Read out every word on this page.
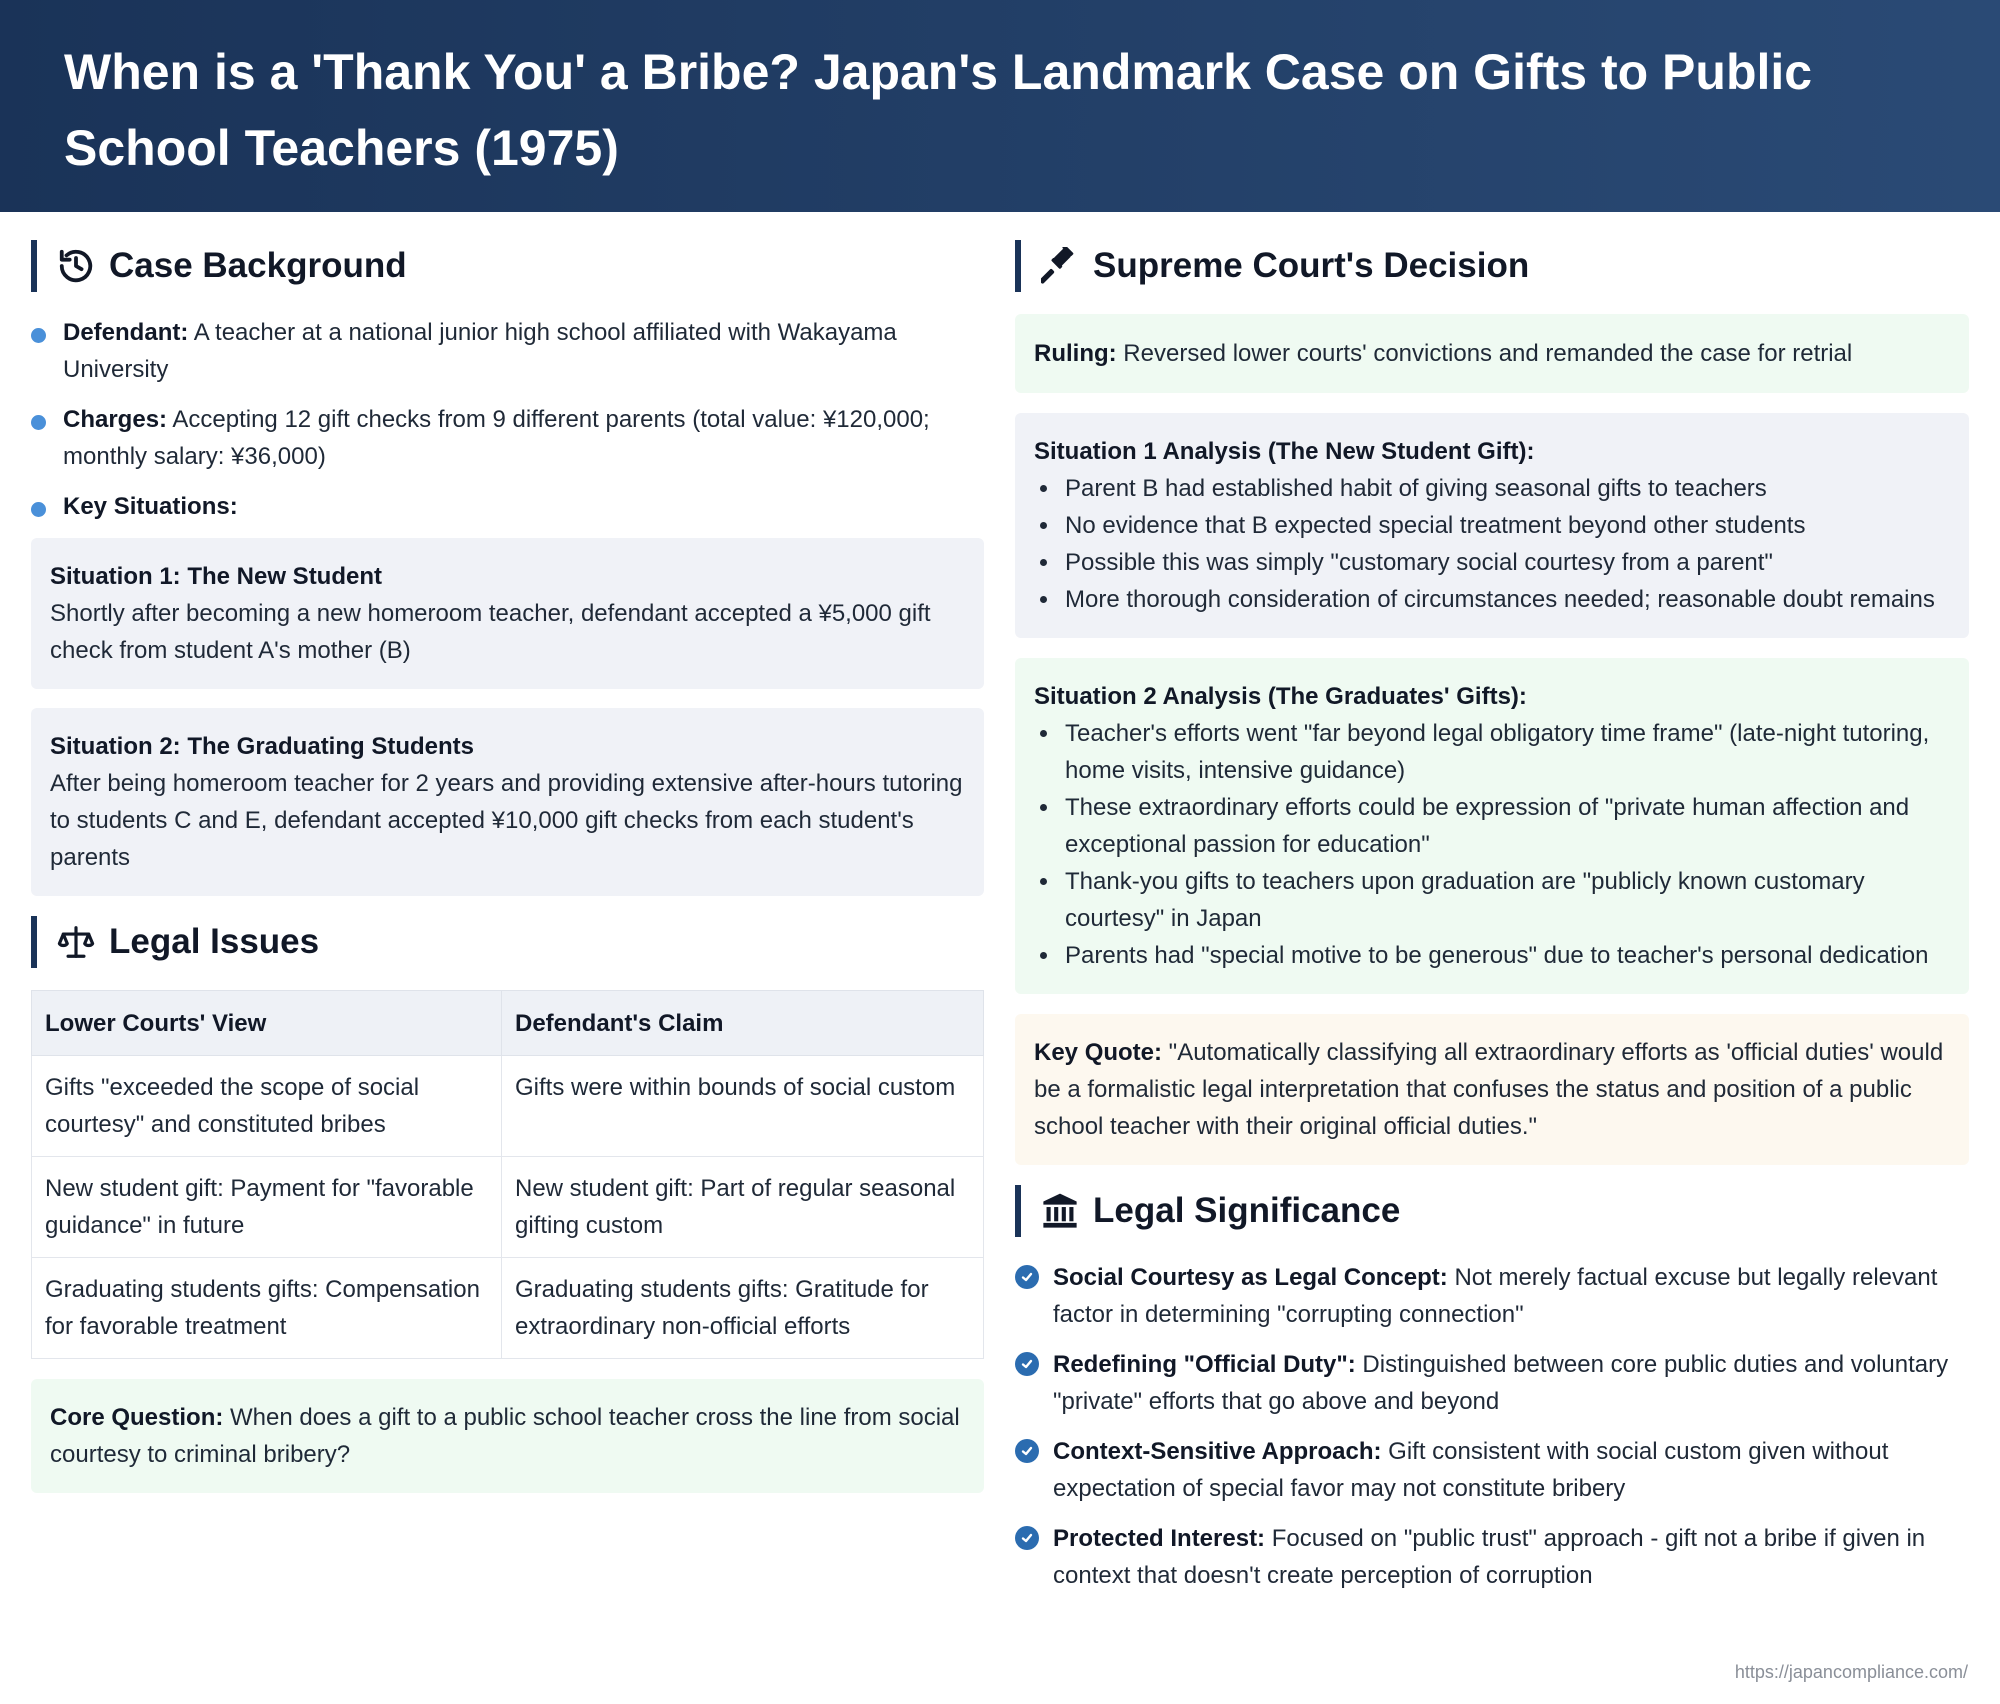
When is a 'Thank You' a Bribe? Japan's Landmark Case on Gifts to Public School Teachers (1975)
Case Background
Defendant: A teacher at a national junior high school affiliated with Wakayama University
Charges: Accepting 12 gift checks from 9 different parents (total value: ¥120,000; monthly salary: ¥36,000)
Key Situations:
Situation 1: The New Student
Shortly after becoming a new homeroom teacher, defendant accepted a ¥5,000 gift check from student A's mother (B)
Situation 2: The Graduating Students
After being homeroom teacher for 2 years and providing extensive after-hours tutoring to students C and E, defendant accepted ¥10,000 gift checks from each student's parents
Legal Issues
Lower Courts' View	Defendant's Claim
Gifts "exceeded the scope of social courtesy" and constituted bribes	Gifts were within bounds of social custom
New student gift: Payment for "favorable guidance" in future	New student gift: Part of regular seasonal gifting custom
Graduating students gifts: Compensation for favorable treatment	Graduating students gifts: Gratitude for extraordinary non-official efforts
Core Question: When does a gift to a public school teacher cross the line from social courtesy to criminal bribery?
Supreme Court's Decision
Ruling: Reversed lower courts' convictions and remanded the case for retrial
Situation 1 Analysis (The New Student Gift):
Parent B had established habit of giving seasonal gifts to teachers
No evidence that B expected special treatment beyond other students
Possible this was simply "customary social courtesy from a parent"
More thorough consideration of circumstances needed; reasonable doubt remains
Situation 2 Analysis (The Graduates' Gifts):
Teacher's efforts went "far beyond legal obligatory time frame" (late-night tutoring, home visits, intensive guidance)
These extraordinary efforts could be expression of "private human affection and exceptional passion for education"
Thank-you gifts to teachers upon graduation are "publicly known customary courtesy" in Japan
Parents had "special motive to be generous" due to teacher's personal dedication
Key Quote: "Automatically classifying all extraordinary efforts as 'official duties' would be a formalistic legal interpretation that confuses the status and position of a public school teacher with their original official duties."
Legal Significance
Social Courtesy as Legal Concept: Not merely factual excuse but legally relevant factor in determining "corrupting connection"
Redefining "Official Duty": Distinguished between core public duties and voluntary "private" efforts that go above and beyond
Context-Sensitive Approach: Gift consistent with social custom given without expectation of special favor may not constitute bribery
Protected Interest: Focused on "public trust" approach - gift not a bribe if given in context that doesn't create perception of corruption
https://japancompliance.com/
